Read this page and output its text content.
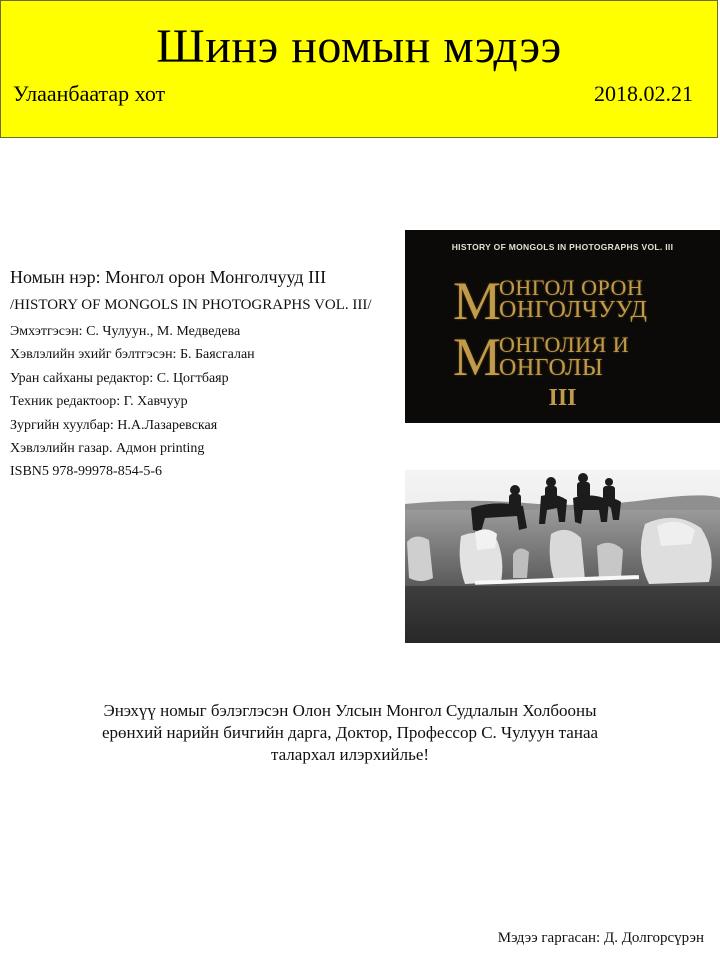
Шинэ номын мэдээ
Улаанбаатар хот	2018.02.21
Номын нэр: Монгол орон Монголчууд III
/HISTORY OF MONGOLS IN PHOTOGRAPHS VOL. III/
Эмхэтгэсэн: С. Чулуун., М. Медведева
Хэвлэлийн эхийг бэлтгэсэн: Б. Баясгалан
Уран сайханы редактор: С. Цогтбаяр
Техник редактоор: Г. Хавчуур
Зургийн хуулбар: Н.А.Лазаревская
Хэвлэлийн газар. Адмон printing
ISBN5 978-99978-854-5-6
HISTORY OF MONGOLS IN PHOTOGRAPHS VOL. III
М
ОНГОЛ ОРОН
ОНГОЛЧУУД
М
ОНГОЛИЯ И
ОНГОЛЫ
III
Энэхүү номыг бэлэглэсэн Олон Улсын Монгол Судлалын Холбооны
ерөнхий нарийн бичгийн дарга, Доктор, Профессор С. Чулуун танаа
талархал илэрхийлье!
Мэдээ гаргасан: Д. Долгорсүрэн
